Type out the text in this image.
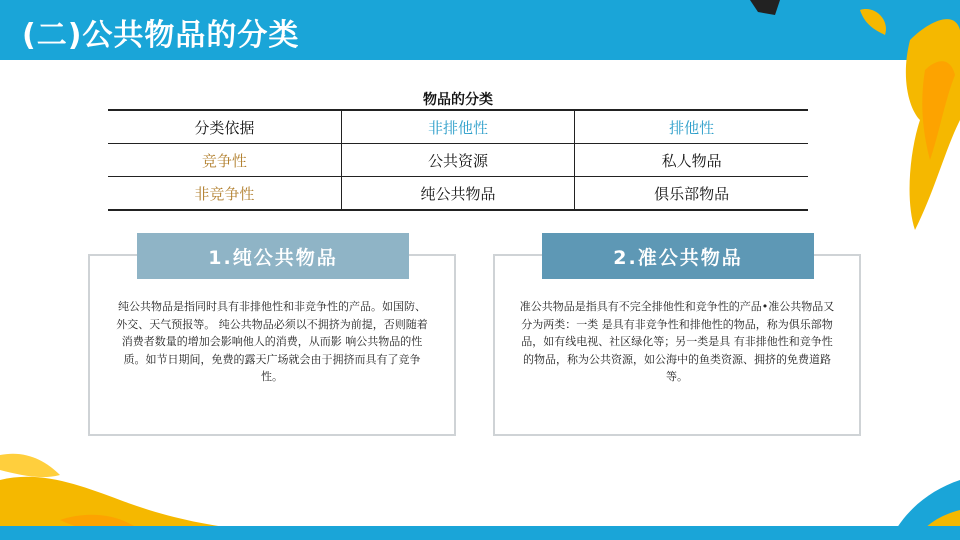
(二)公共物品的分类
物品的分类
分类依据	非排他性	排他性
竞争性	公共资源	私人物品
非竞争性	纯公共物品	俱乐部物品
纯公共物品是指同时具有非排他性和非竞争性的产品。如国防、外交、天气预报等。 纯公共物品必须以不拥挤为前提，否则随着消费者数量的增加会影响他人的消费，从而影 响公共物品的性质。如节日期间，免费的露天广场就会由于拥挤而具有了竞争性。
1.纯公共物品
准公共物品是指具有不完全排他性和竞争性的产品•准公共物品又分为两类：一类 是具有非竞争性和排他性的物品，称为俱乐部物品，如有线电视、社区绿化等；另一类是具 有非排他性和竞争性的物品，称为公共资源，如公海中的鱼类资源、拥挤的免费道路等。
2.准公共物品
